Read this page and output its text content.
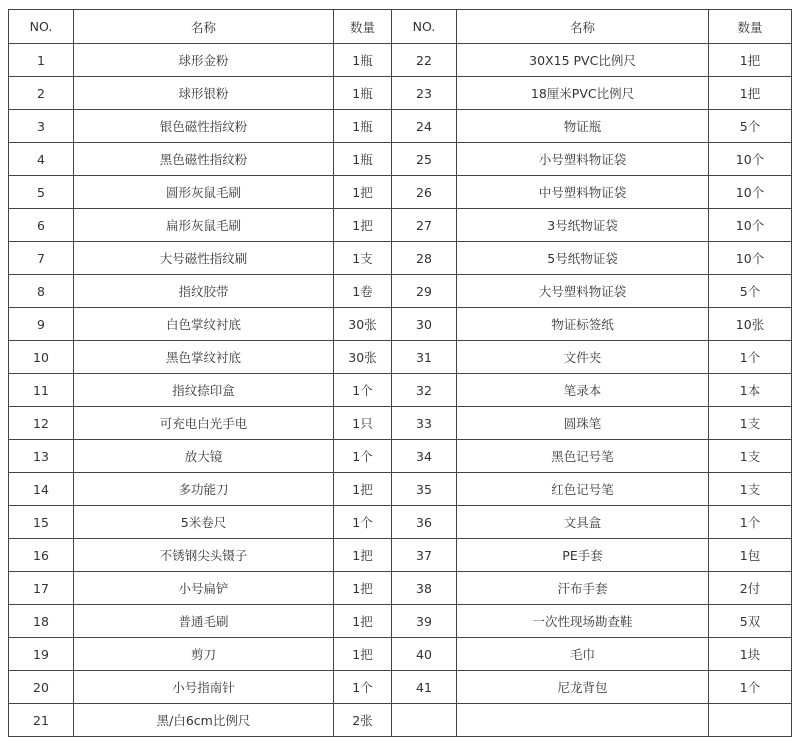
NO.	名称	数量	NO.	名称	数量
1	球形金粉	1瓶	22	30X15 PVC比例尺	1把
2	球形银粉	1瓶	23	18厘米PVC比例尺	1把
3	银色磁性指纹粉	1瓶	24	物证瓶	5个
4	黑色磁性指纹粉	1瓶	25	小号塑料物证袋	10个
5	圆形灰鼠毛刷	1把	26	中号塑料物证袋	10个
6	扁形灰鼠毛刷	1把	27	3号纸物证袋	10个
7	大号磁性指纹刷	1支	28	5号纸物证袋	10个
8	指纹胶带	1卷	29	大号塑料物证袋	5个
9	白色掌纹衬底	30张	30	物证标签纸	10张
10	黑色掌纹衬底	30张	31	文件夹	1个
11	指纹捺印盒	1个	32	笔录本	1本
12	可充电白光手电	1只	33	圆珠笔	1支
13	放大镜	1个	34	黑色记号笔	1支
14	多功能刀	1把	35	红色记号笔	1支
15	5米卷尺	1个	36	文具盒	1个
16	不锈钢尖头镊子	1把	37	PE手套	1包
17	小号扁铲	1把	38	汗布手套	2付
18	普通毛刷	1把	39	一次性现场勘查鞋	5双
19	剪刀	1把	40	毛巾	1块
20	小号指南针	1个	41	尼龙背包	1个
21	黑/白6cm比例尺	2张			
